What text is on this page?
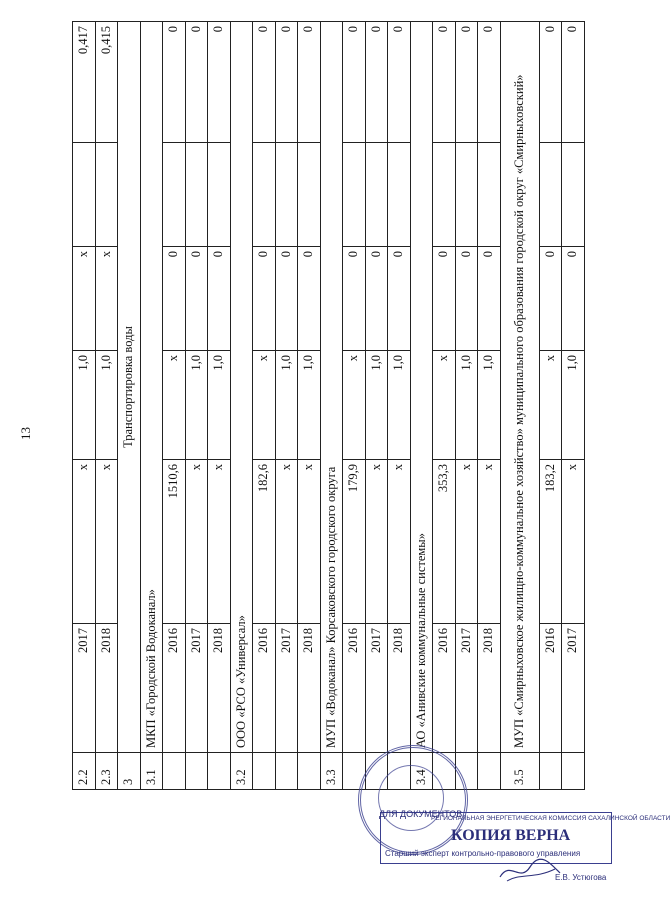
13
2.2	2017	x	1,0	x		0,417
2.3	2018	x	1,0	x		0,415
3	Транспортировка воды					
3.1	МКП «Городской Водоканал»					
	2016	1510,6	x	0		0
	2017	x	1,0	0		0
	2018	x	1,0	0		0
3.2	ООО «РСО «Универсал»					
	2016	182,6	x	0		0
	2017	x	1,0	0		0
	2018	x	1,0	0		0
3.3	МУП «Водоканал» Корсаковского городского округа					
	2016	179,9	x	0		0
	2017	x	1,0	0		0
	2018	x	1,0	0		0
3.4	АО «Анивские коммунальные системы»					
	2016	353,3	x	0		0
	2017	x	1,0	0		0
	2018	x	1,0	0		0
3.5	МУП «Смирныховское жилищно-коммунальное хозяйство» муниципального образования городской округ «Смирныховский»					
	2016	183,2	x	0		0
	2017	x	1,0	0		0
ДЛЯ ДОКУМЕНТОВ
РЕГИОНАЛЬНАЯ ЭНЕРГЕТИЧЕСКАЯ КОМИССИЯ САХАЛИНСКОЙ ОБЛАСТИ
КОПИЯ ВЕРНА
Старший эксперт контрольно-правового управления
Е.В. Устюгова
